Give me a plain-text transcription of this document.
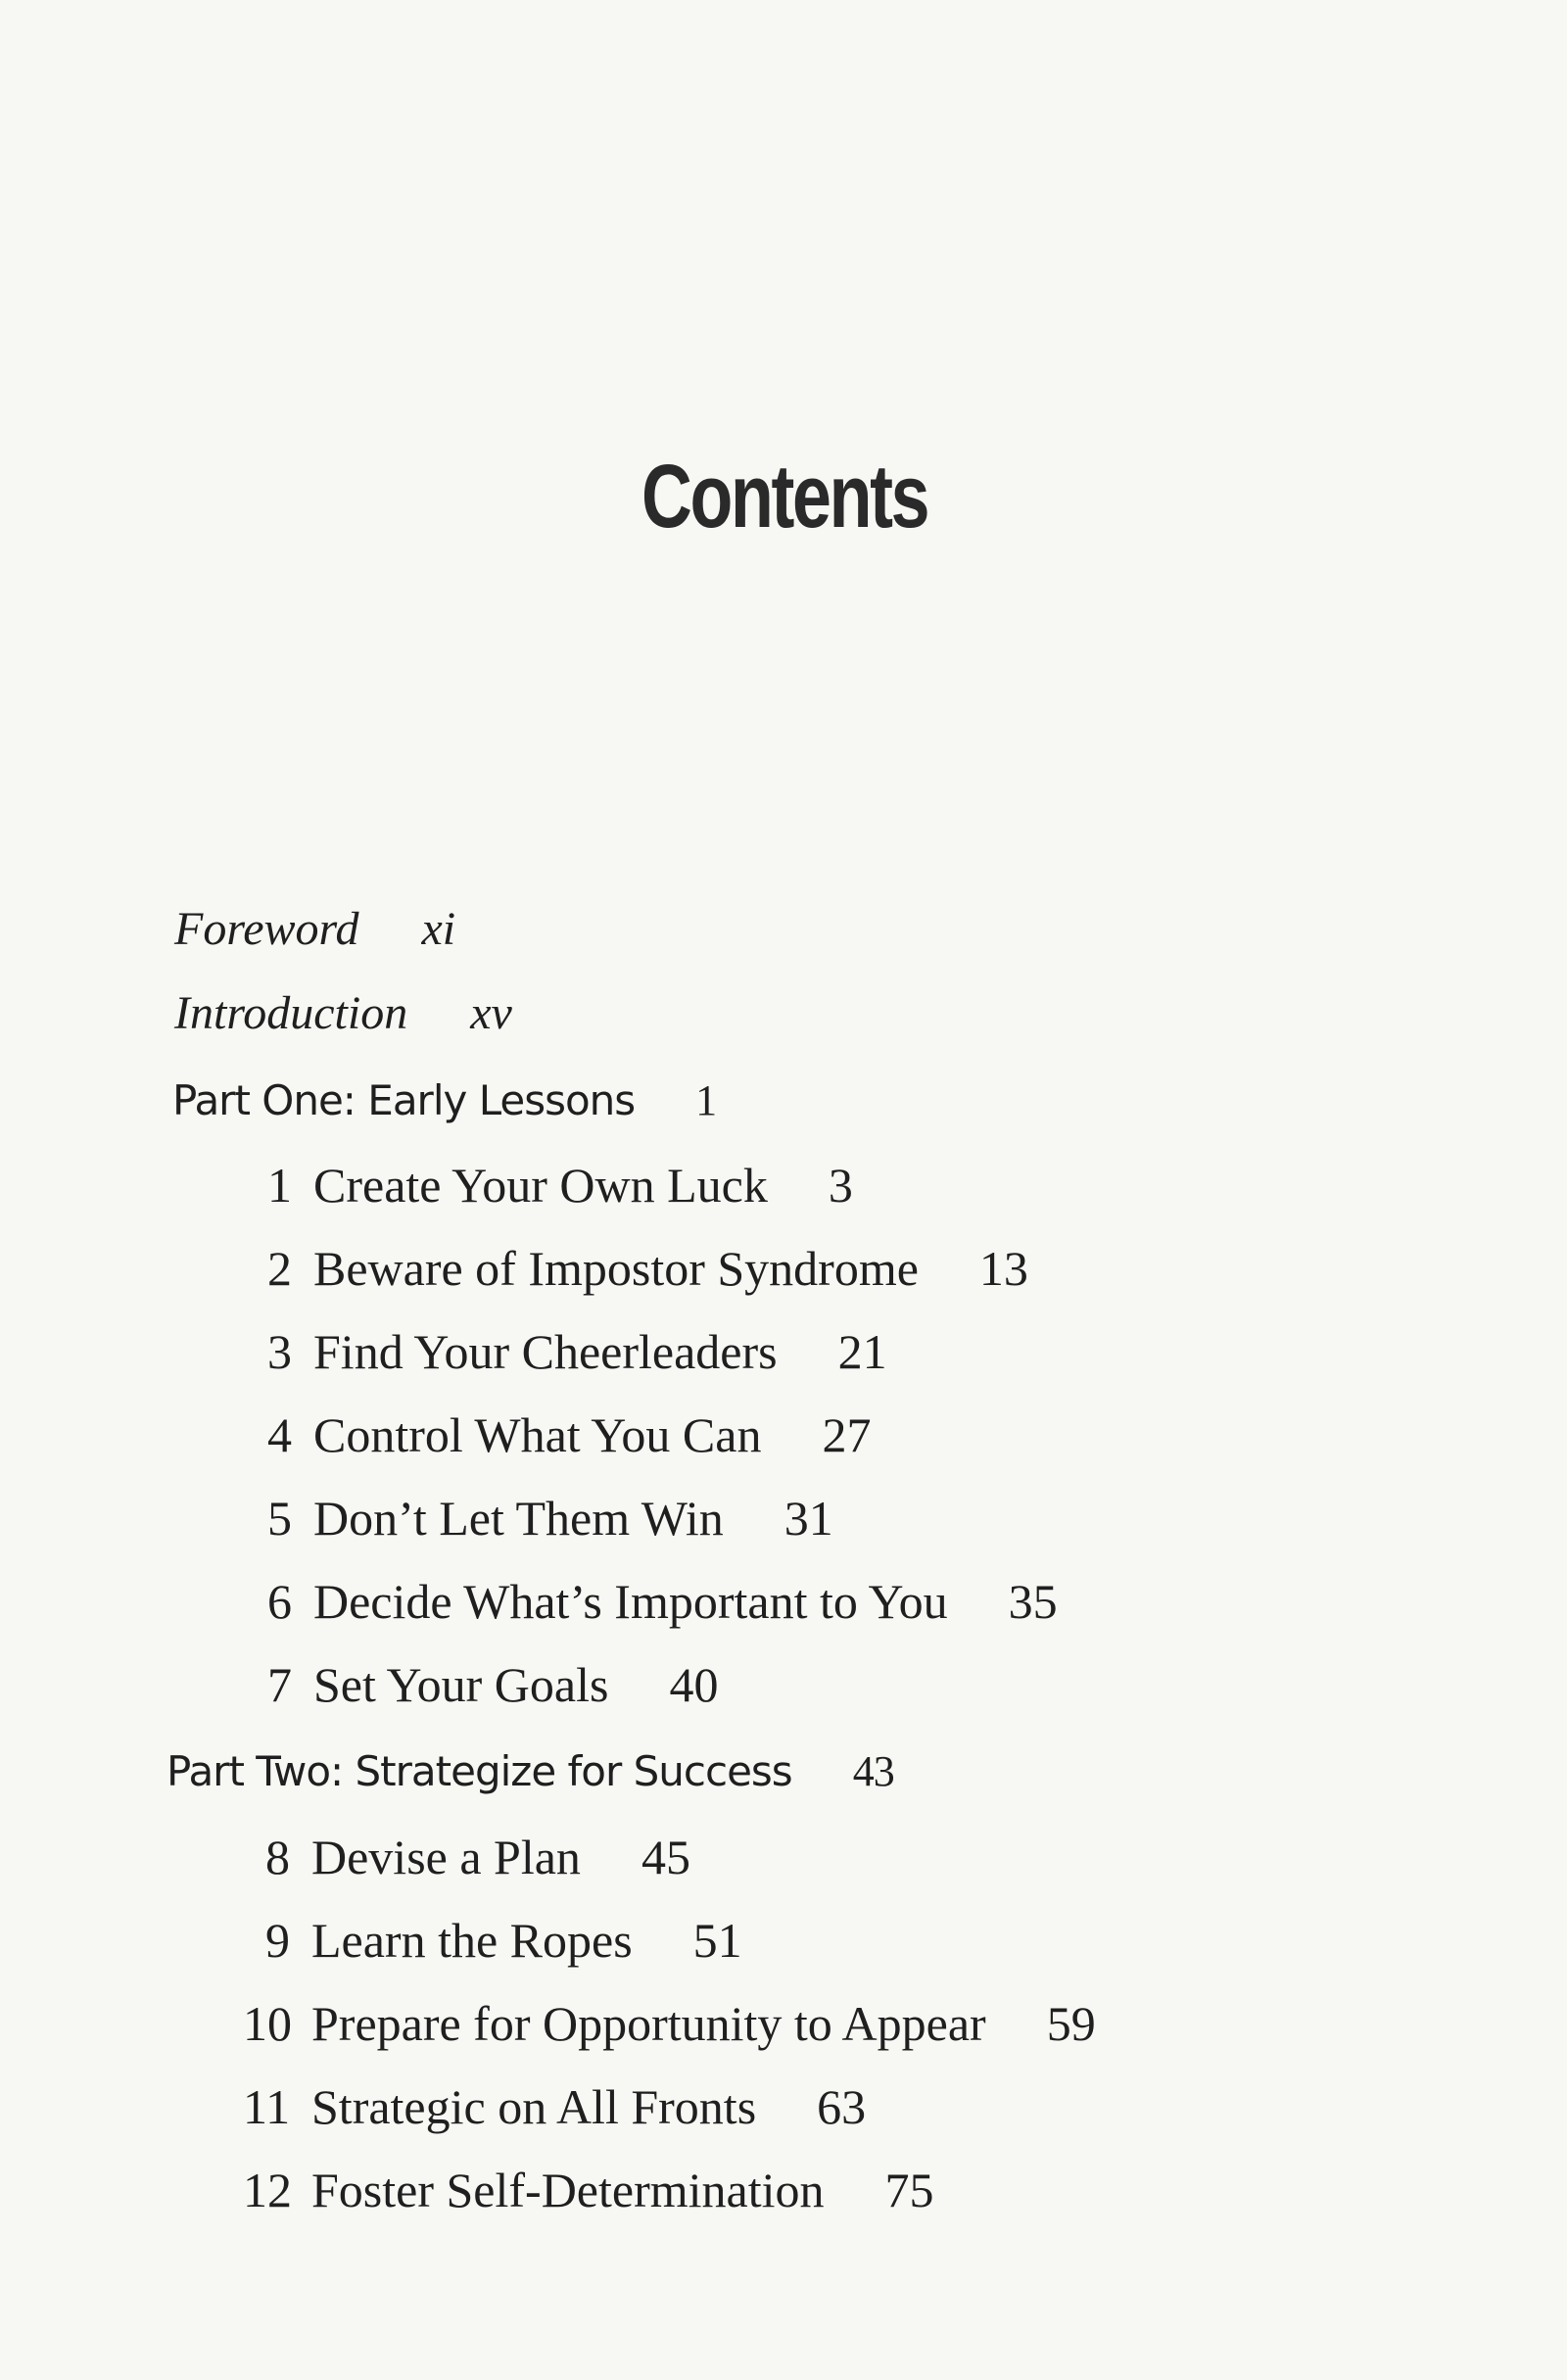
Contents
Foreword xi
Introduction xv
Part One: Early Lessons 1
1 Create Your Own Luck 3
2 Beware of Impostor Syndrome 13
3 Find Your Cheerleaders 21
4 Control What You Can 27
5 Don’t Let Them Win 31
6 Decide What’s Important to You 35
7 Set Your Goals 40
Part Two: Strategize for Success 43
8 Devise a Plan 45
9 Learn the Ropes 51
10 Prepare for Opportunity to Appear 59
11 Strategic on All Fronts 63
12 Foster Self-Determination 75
